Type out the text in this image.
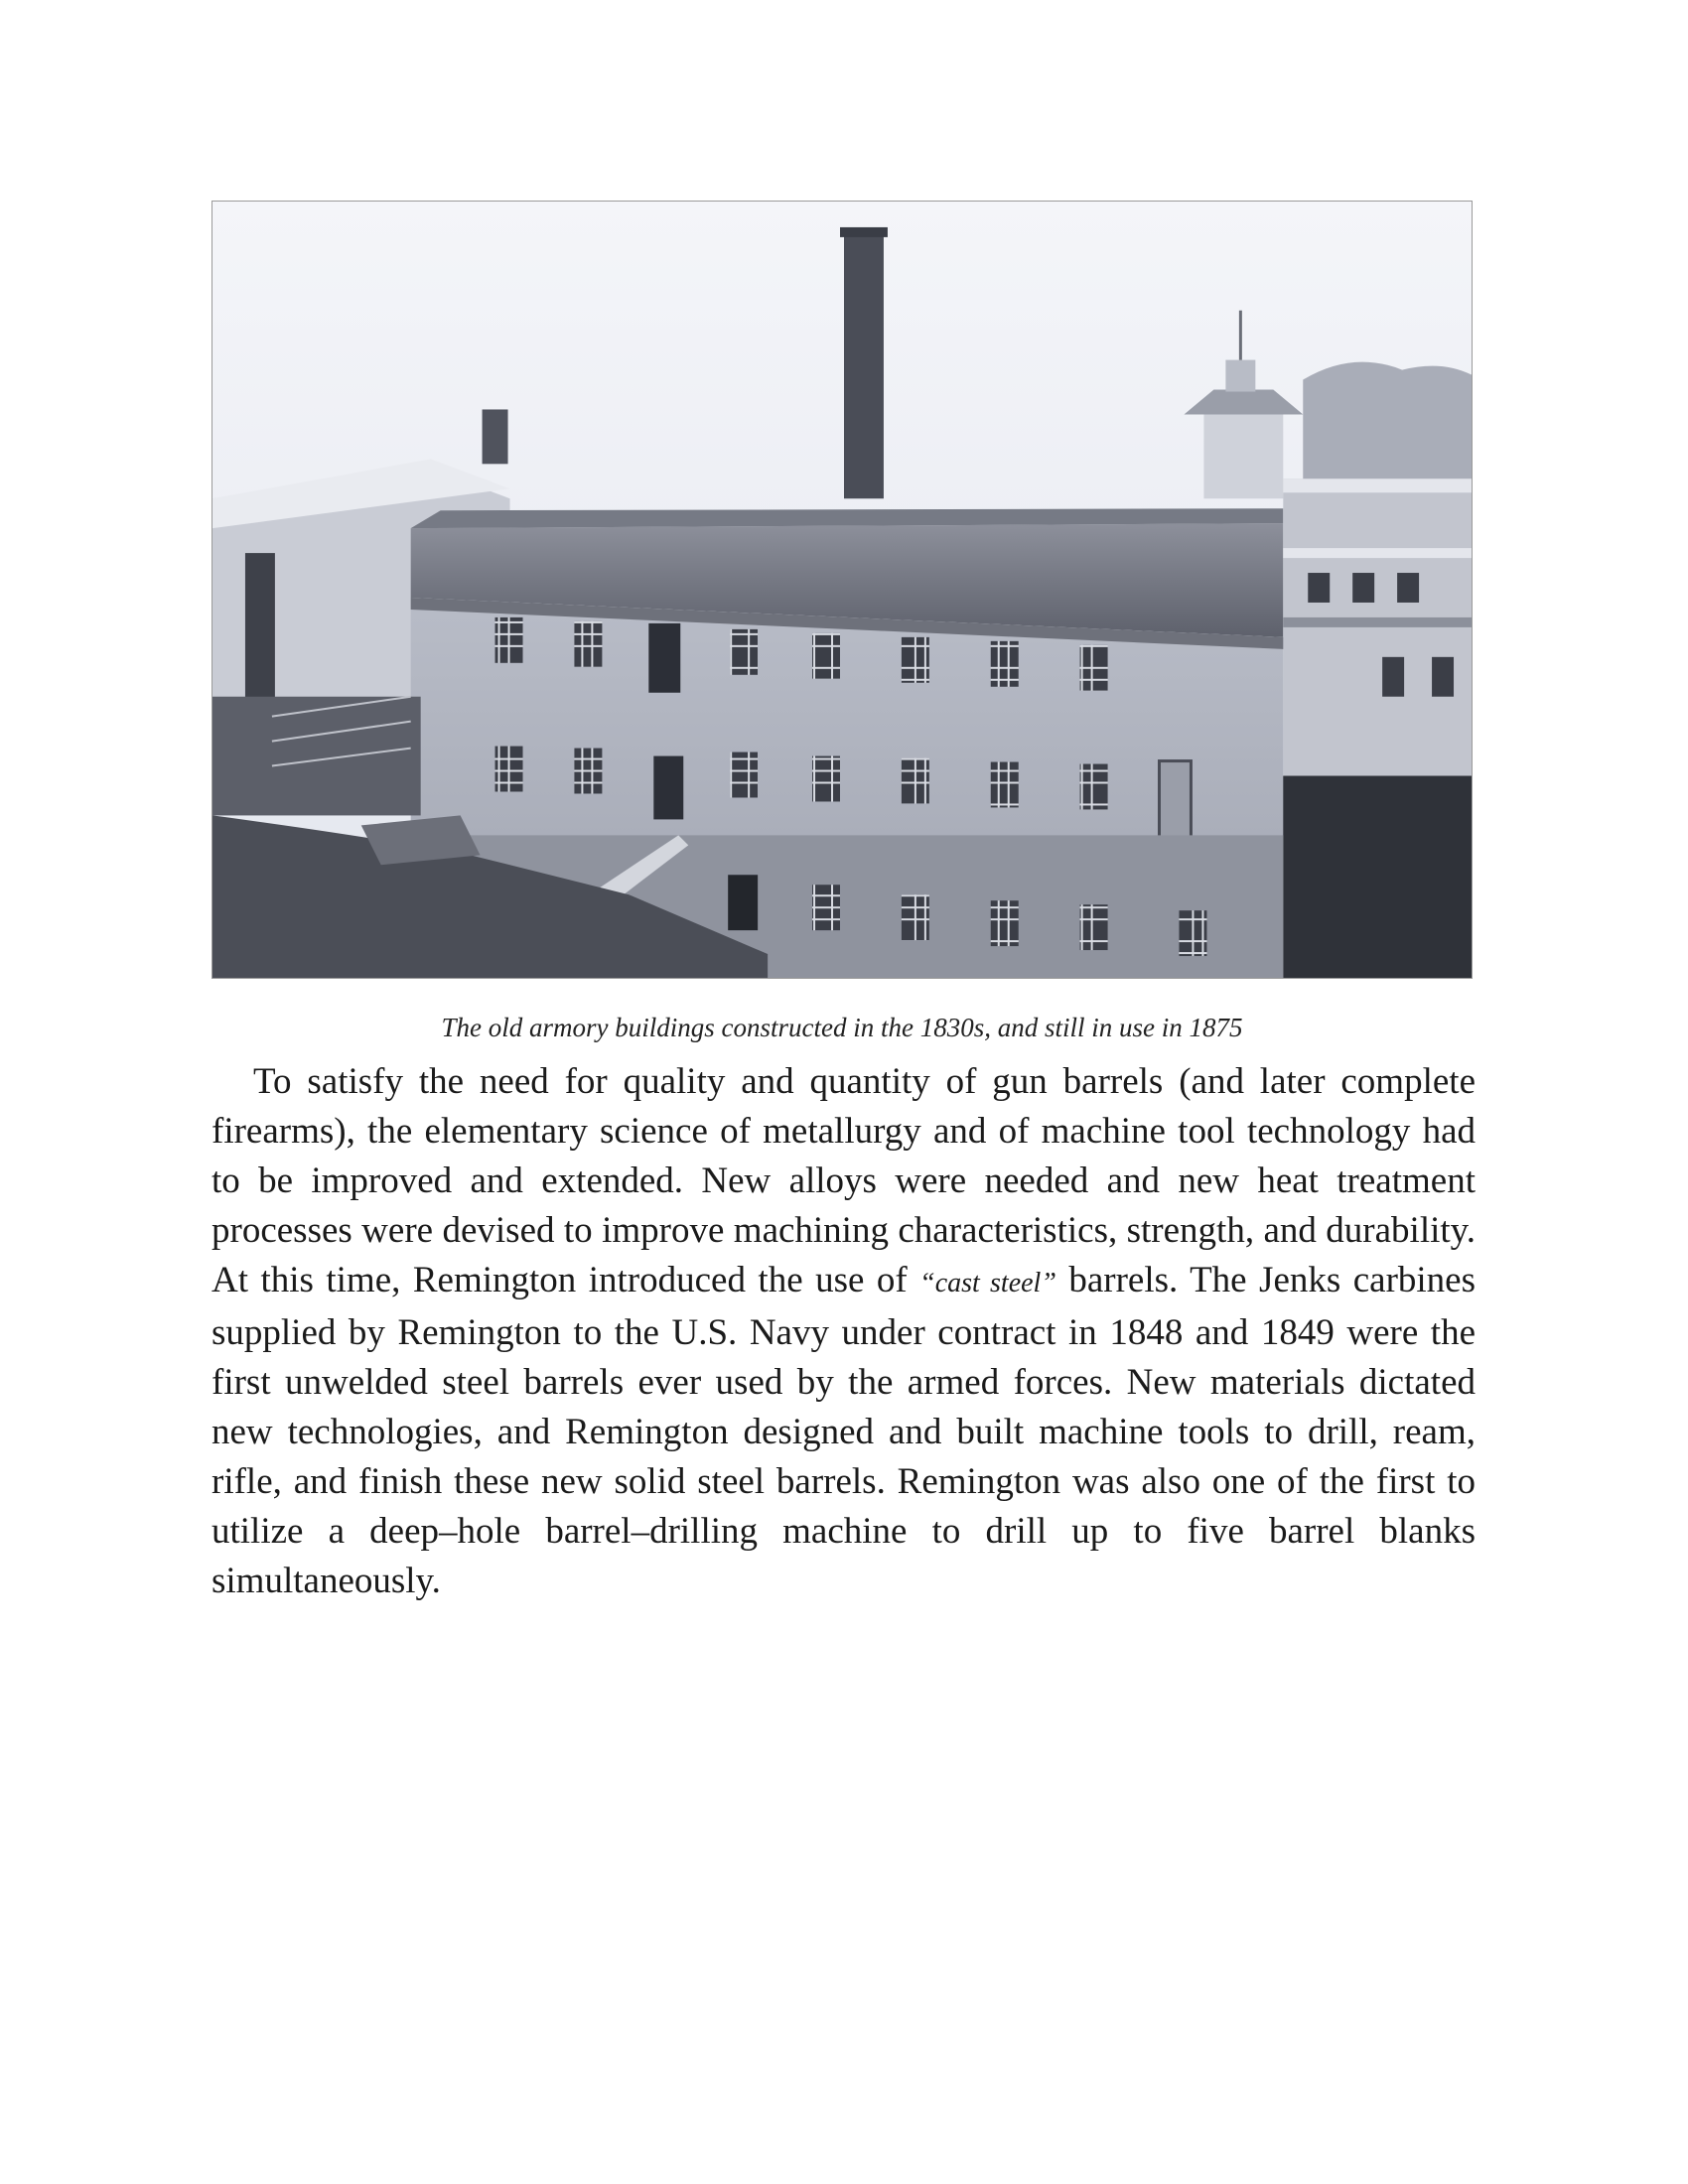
The old armory buildings constructed in the 1830s, and still in use in 1875

To satisfy the need for quality and quantity of gun barrels (and later complete firearms), the elementary science of metallurgy and of machine tool technology had to be improved and extended. New alloys were needed and new heat treatment processes were devised to improve machining characteristics, strength, and durability. At this time, Remington introduced the use of “cast steel” barrels. The Jenks carbines supplied by Remington to the U.S. Navy under contract in 1848 and 1849 were the first unwelded steel barrels ever used by the armed forces. New materials dictated new technologies, and Remington designed and built machine tools to drill, ream, rifle, and finish these new solid steel barrels. Remington was also one of the first to utilize a deep–hole barrel–drilling machine to drill up to five barrel blanks simultaneously.
